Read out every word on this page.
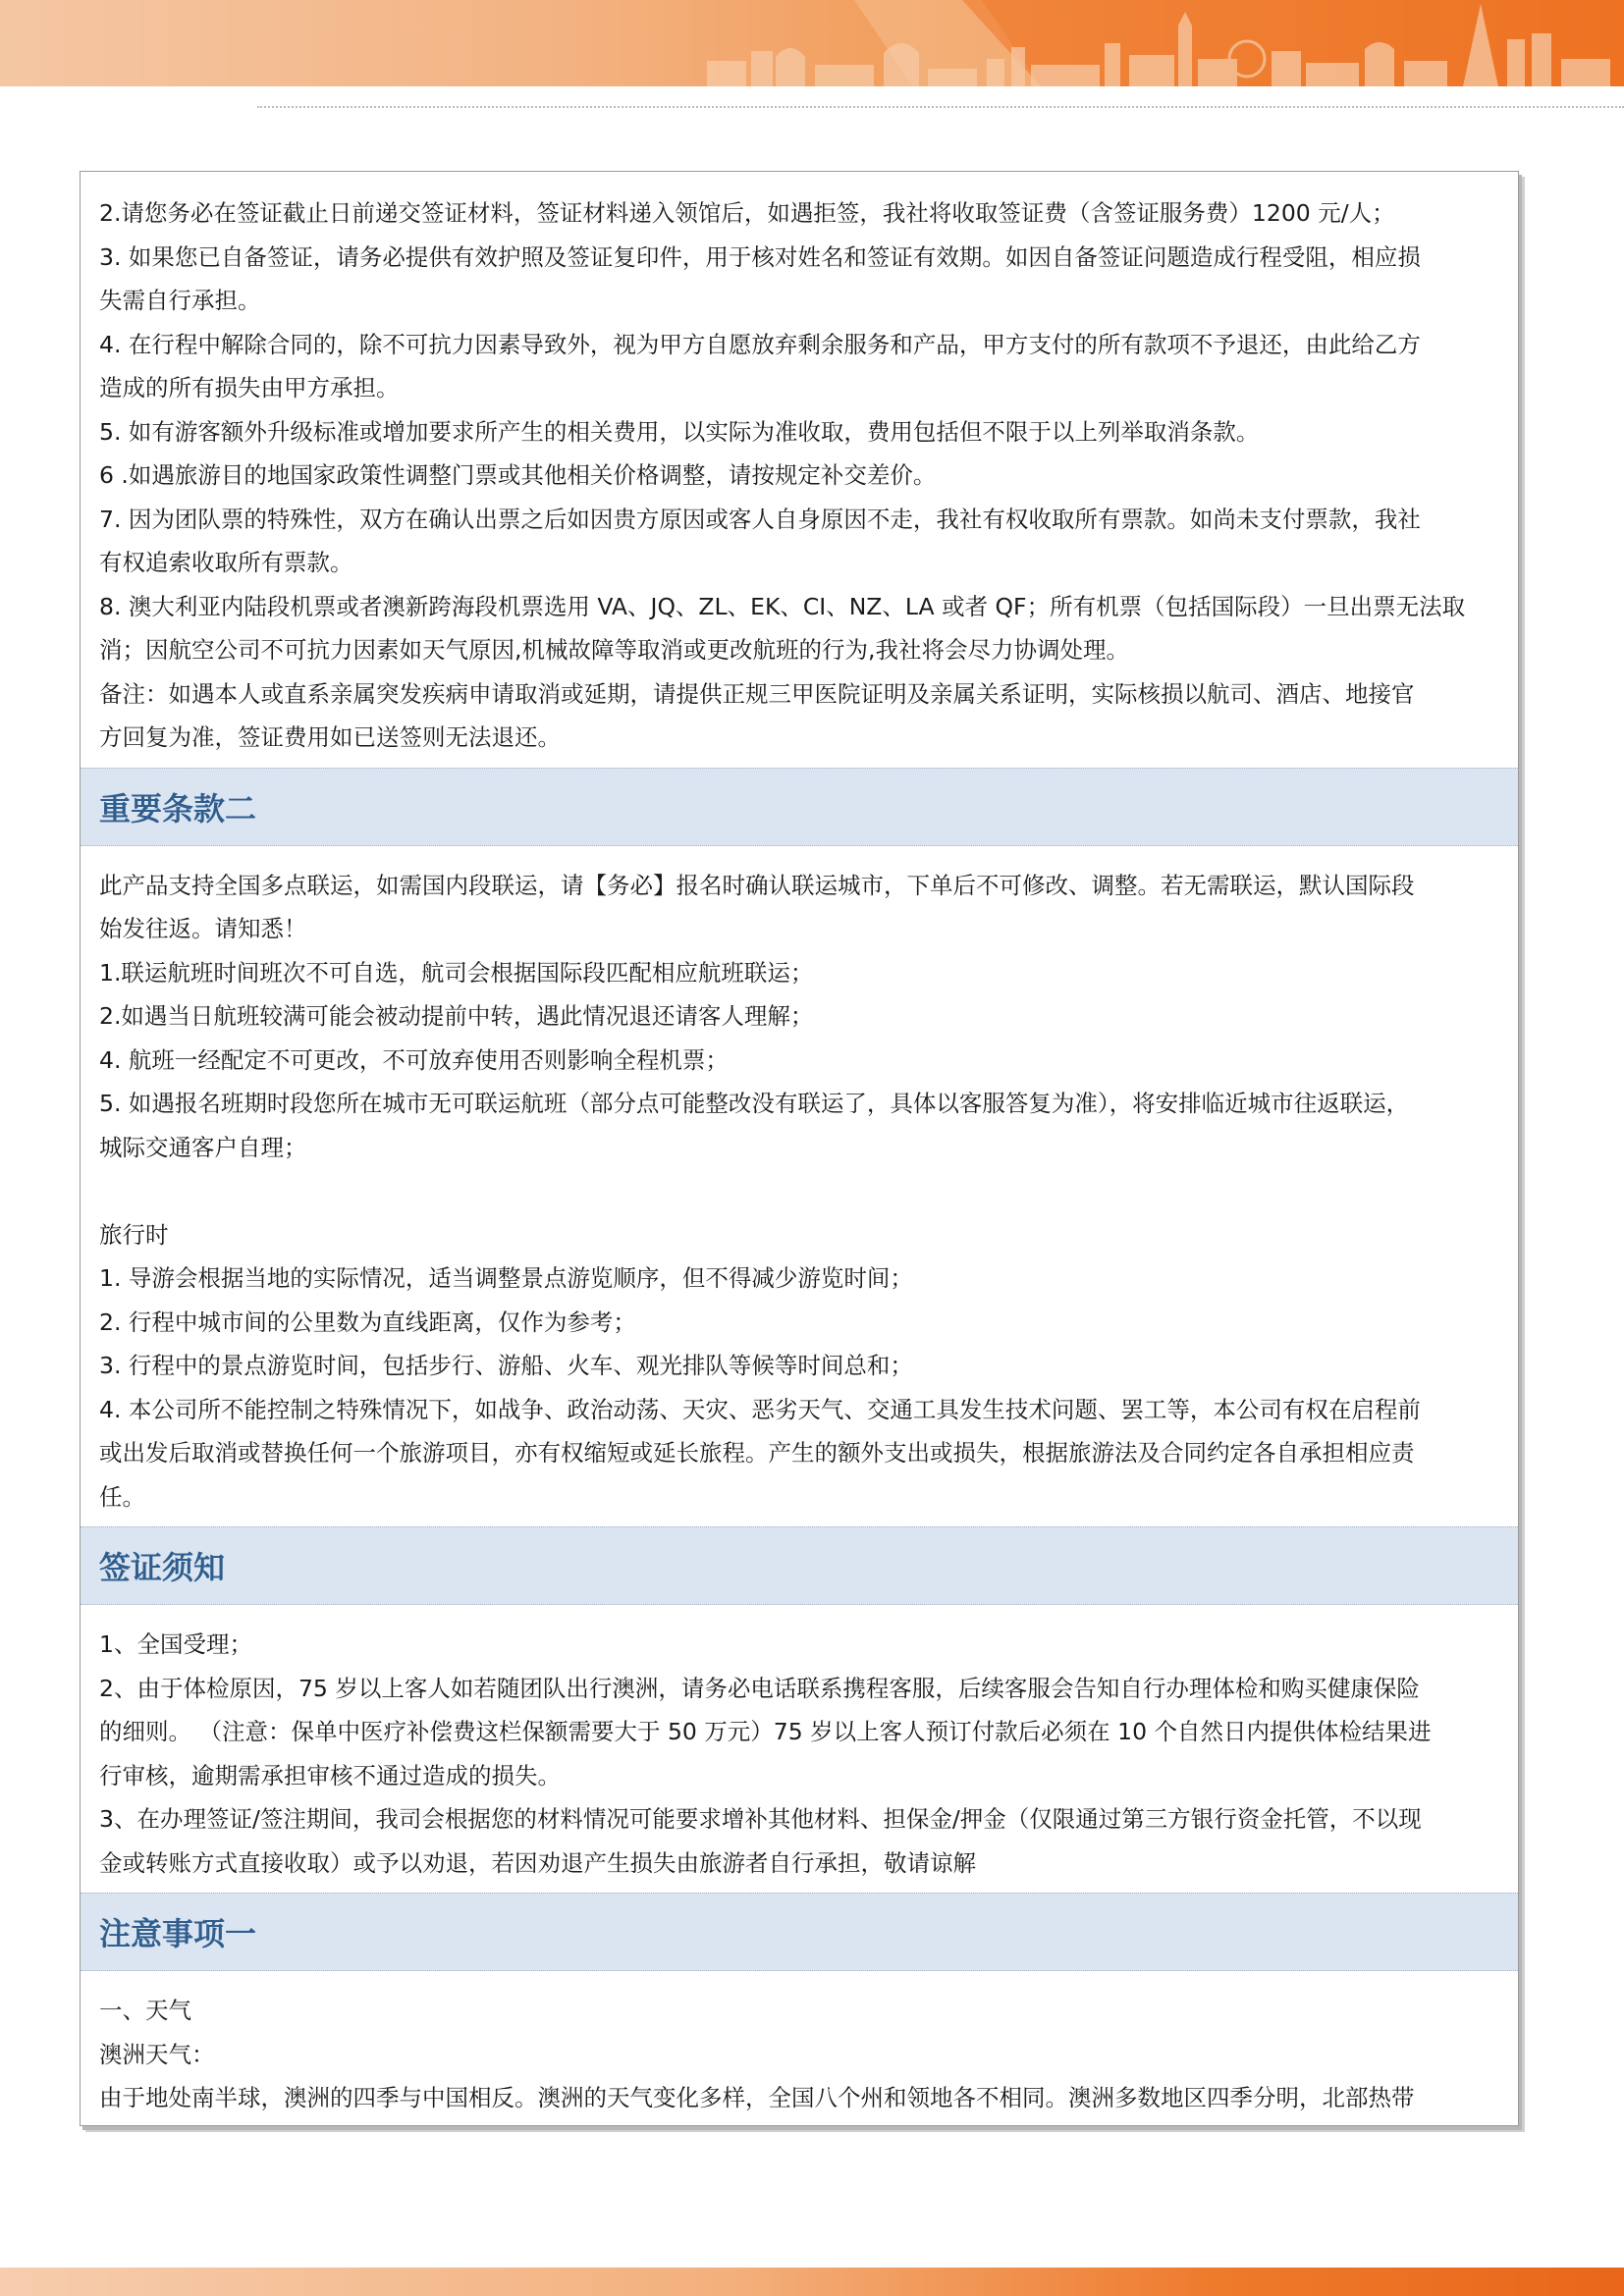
2.请您务必在签证截止日前递交签证材料，签证材料递入领馆后，如遇拒签，我社将收取签证费（含签证服务费）1200 元/人；
3. 如果您已自备签证，请务必提供有效护照及签证复印件，用于核对姓名和签证有效期。如因自备签证问题造成行程受阻，相应损
失需自行承担。
4. 在行程中解除合同的，除不可抗力因素导致外，视为甲方自愿放弃剩余服务和产品，甲方支付的所有款项不予退还，由此给乙方
造成的所有损失由甲方承担。
5. 如有游客额外升级标准或增加要求所产生的相关费用，以实际为准收取，费用包括但不限于以上列举取消条款。
6 .如遇旅游目的地国家政策性调整门票或其他相关价格调整，请按规定补交差价。
7. 因为团队票的特殊性，双方在确认出票之后如因贵方原因或客人自身原因不走，我社有权收取所有票款。如尚未支付票款，我社
有权追索收取所有票款。
8. 澳大利亚内陆段机票或者澳新跨海段机票选用 VA、JQ、ZL、EK、CI、NZ、LA 或者 QF；所有机票（包括国际段）一旦出票无法取
消；因航空公司不可抗力因素如天气原因,机械故障等取消或更改航班的行为,我社将会尽力协调处理。
备注：如遇本人或直系亲属突发疾病申请取消或延期，请提供正规三甲医院证明及亲属关系证明，实际核损以航司、酒店、地接官
方回复为准，签证费用如已送签则无法退还。
重要条款二
此产品支持全国多点联运，如需国内段联运，请【务必】报名时确认联运城市，下单后不可修改、调整。若无需联运，默认国际段
始发往返。请知悉！
1.联运航班时间班次不可自选，航司会根据国际段匹配相应航班联运；
2.如遇当日航班较满可能会被动提前中转，遇此情况退还请客人理解；
4. 航班一经配定不可更改，不可放弃使用否则影响全程机票；
5. 如遇报名班期时段您所在城市无可联运航班（部分点可能整改没有联运了，具体以客服答复为准），将安排临近城市往返联运，
城际交通客户自理；
旅行时
1. 导游会根据当地的实际情况，适当调整景点游览顺序，但不得减少游览时间；
2. 行程中城市间的公里数为直线距离，仅作为参考；
3. 行程中的景点游览时间，包括步行、游船、火车、观光排队等候等时间总和；
4. 本公司所不能控制之特殊情况下，如战争、政治动荡、天灾、恶劣天气、交通工具发生技术问题、罢工等，本公司有权在启程前
或出发后取消或替换任何一个旅游项目，亦有权缩短或延长旅程。产生的额外支出或损失，根据旅游法及合同约定各自承担相应责
任。
签证须知
1、全国受理；
2、由于体检原因，75 岁以上客人如若随团队出行澳洲，请务必电话联系携程客服，后续客服会告知自行办理体检和购买健康保险
的细则。 （注意：保单中医疗补偿费这栏保额需要大于 50 万元）75 岁以上客人预订付款后必须在 10 个自然日内提供体检结果进
行审核，逾期需承担审核不通过造成的损失。
3、在办理签证/签注期间，我司会根据您的材料情况可能要求增补其他材料、担保金/押金（仅限通过第三方银行资金托管，不以现
金或转账方式直接收取）或予以劝退，若因劝退产生损失由旅游者自行承担，敬请谅解
注意事项一
一、天气
澳洲天气：
由于地处南半球，澳洲的四季与中国相反。澳洲的天气变化多样，全国八个州和领地各不相同。澳洲多数地区四季分明，北部热带
